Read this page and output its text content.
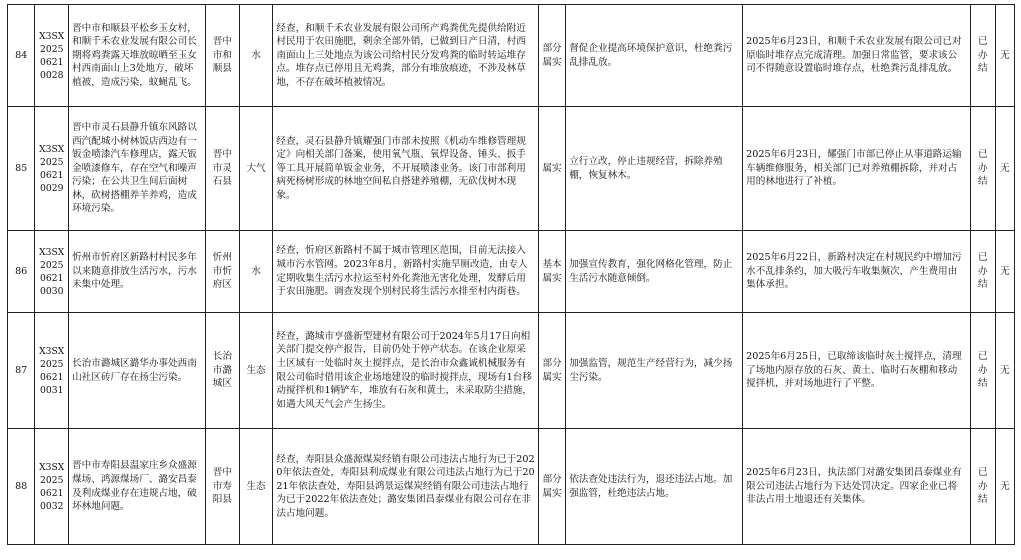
84	X3SX202506210028	晋中市和顺县平松乡玉女村，和顺千禾农业发展有限公司长期将鸡粪露天堆放晾晒至玉女村西南面山上3处地方，破坏植被，造成污染，蚊蝇乱飞。	晋中市和顺县	水	经查，和顺千禾农业发展有限公司所产鸡粪优先提供给附近村民用于农田施肥，剩余全部外销，已做到日产日清，村西南面山上三处地点为该公司给村民分发鸡粪的临时转运堆存点。堆存点已停用且无鸡粪，部分有堆放痕迹，不涉及林草地，不存在破坏植被情况。	部分属实	督促企业提高环境保护意识，杜绝粪污乱排乱放。	2025年6月23日，和顺千禾农业发展有限公司已对原临时堆存点完成清理。加强日常监管，要求该公司不得随意设置临时堆存点，杜绝粪污乱排乱放。	已办结	无
85	X3SX202506210029	晋中市灵石县静升镇东风路以西汽配城小树林饭店西边有一钣金喷漆汽车修理店，露天钣金喷漆修车，存在空气和噪声污染；在公共卫生间后面树林，砍树搭棚养羊养鸡，造成环境污染。	晋中市灵石县	大气	经查，灵石县静升镇耀强门市部未按照《机动车维修管理规定》向相关部门备案，使用氧气瓶、氧焊设备、锤头、扳手等工具开展简单钣金业务，不开展喷漆业务。该门市部利用病死杨树形成的林地空间私自搭建养殖棚，无砍伐树木现象。	属实	立行立改，停止违规经营，拆除养殖棚，恢复林木。	2025年6月23日，耀强门市部已停止从事道路运输车辆维修服务，相关部门已对养殖棚拆除，并对占用的林地进行了补植。	已办结	无
86	X3SX202506210030	忻州市忻府区新路村村民多年以来随意排放生活污水，污水未集中处理。	忻州市忻府区	水	经查，忻府区新路村不属于城市管理区范围，目前无法接入城市污水管网。2023年8月，新路村实施旱厕改造，由专人定期收集生活污水拉运至村外化粪池无害化处理，发酵后用于农田施肥。调查发现个别村民将生活污水排至村内街巷。	基本属实	加强宣传教育，强化网格化管理，防止生活污水随意倾倒。	2025年6月22日，新路村决定在村规民约中增加污水不乱排条约，加大吸污车收集频次，产生费用由集体承担。	已办结	无
87	X3SX202506210031	长治市潞城区潞华办事处西南山社区砖厂存在扬尘污染。	长治市潞城区	生态	经查，潞城市亨盛新型建材有限公司于2024年5月17日向相关部门提交停产报告，目前仍处于停产状态。在该企业原采土区域有一处临时灰土搅拌点，是长治市众鑫诚机械服务有限公司临时借用该企业场地建设的临时搅拌点，现场有1台移动搅拌机和1辆铲车，堆放有石灰和黄土，未采取防尘措施，如遇大风天气会产生扬尘。	部分属实	加强监管，规范生产经营行为，减少扬尘污染。	2025年6月25日，已取缔该临时灰土搅拌点，清理了场地内原存放的石灰、黄土、临时石灰棚和移动搅拌机，并对场地进行了平整。	已办结	无
88	X3SX202506210032	晋中市寿阳县温家庄乡众盛源煤场、鸿源煤场厂、潞安昌泰及利成煤业存在违规占地，破坏林地问题。	晋中市寿阳县	生态	经查，寿阳县众盛源煤炭经销有限公司违法占地行为已于2020年依法查处，寿阳县利成煤业有限公司违法占地行为已于2021年依法查处，寿阳县鸿景运煤炭经销有限公司违法占地行为已于2022年依法查处；潞安集团昌泰煤业有限公司存在非法占地问题。	部分属实	依法查处违法行为，退还违法占地。加强监管，杜绝违法占地。	2025年6月23日，执法部门对潞安集团昌泰煤业有限公司违法占地行为下达处罚决定。四家企业已将非法占用土地退还有关集体。	已办结	无
